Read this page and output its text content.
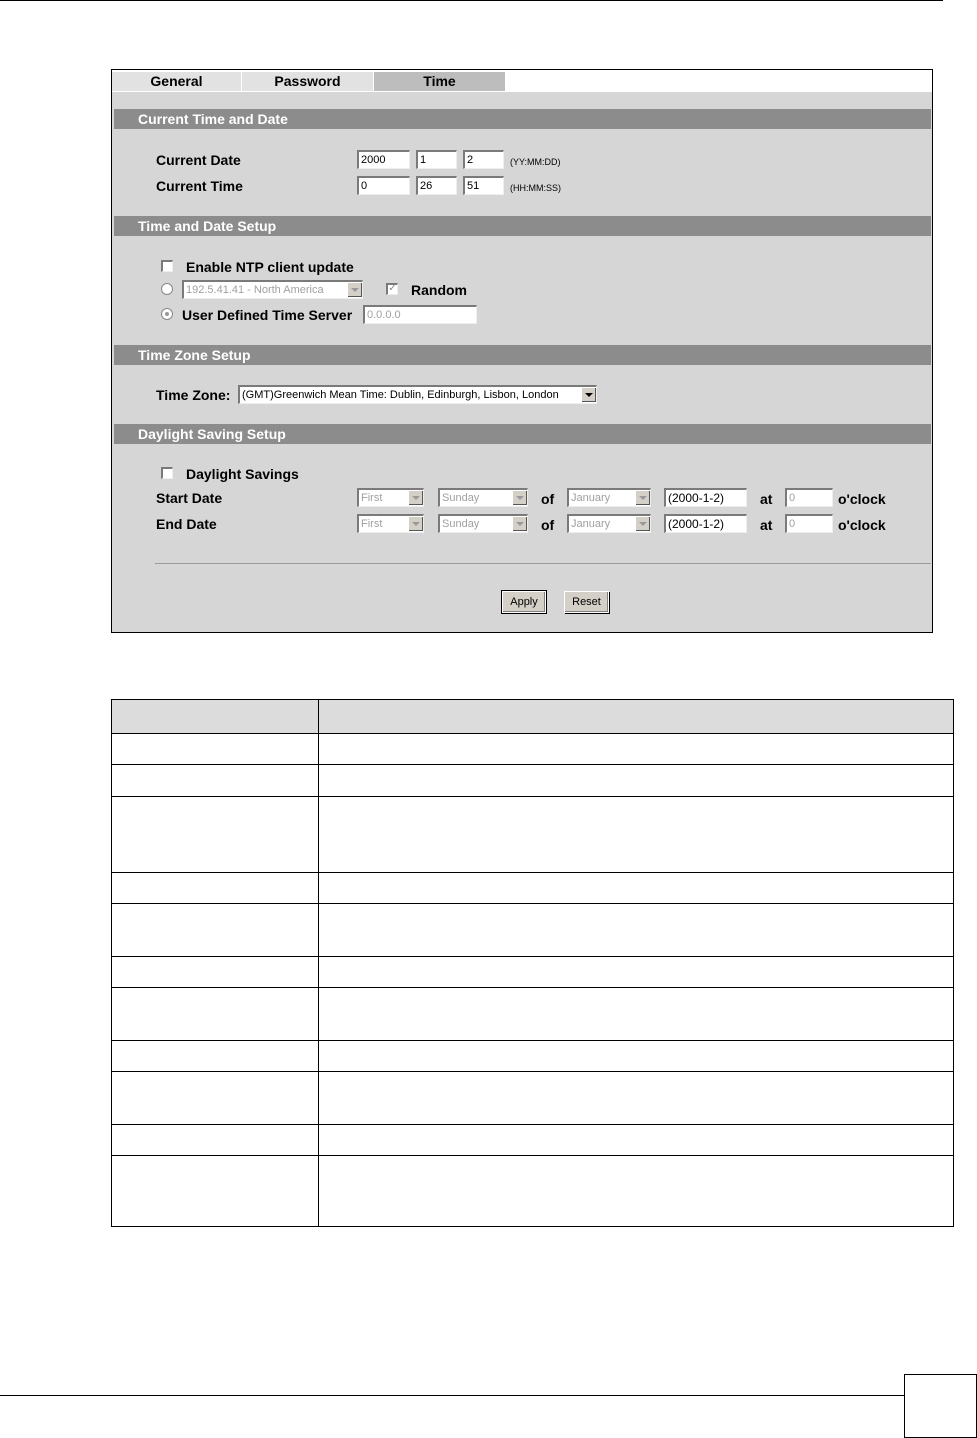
General	Password	Time
Current Time and Date
Current Date	2000	1	2	(YY:MM:DD)
Current Time	0	26	51	(HH:MM:SS)
Time and Date Setup
Enable NTP client update
192.5.41.41 - North America	✓ Random
User Defined Time Server	0.0.0.0
Time Zone Setup
Time Zone:	(GMT)Greenwich Mean Time: Dublin, Edinburgh, Lisbon, London
Daylight Saving Setup
Daylight Savings
Start Date	First	Sunday	of	January	(2000-1-2)	at	0	o'clock
End Date	First	Sunday	of	January	(2000-1-2)	at	0	o'clock
Apply	Reset
